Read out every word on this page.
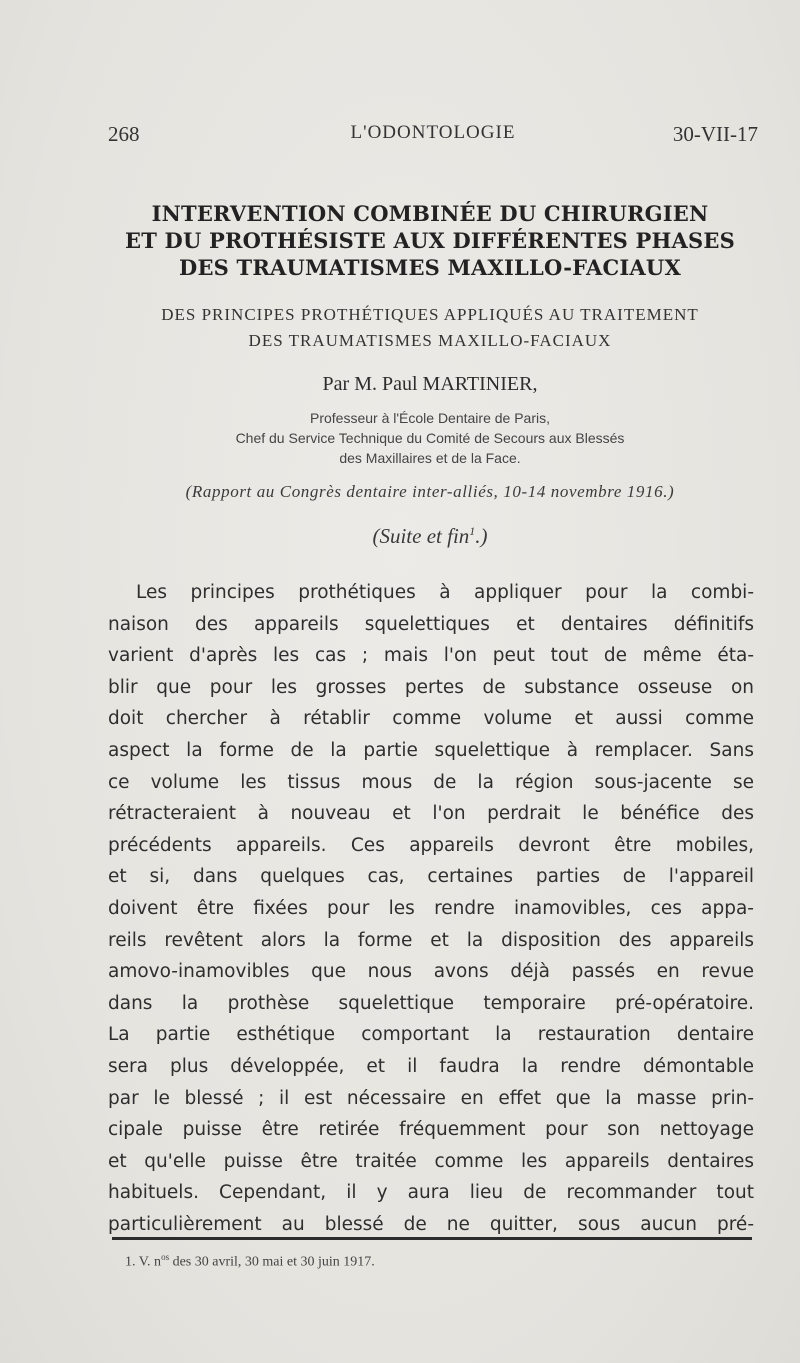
268	L'ODONTOLOGIE	30-VII-17
INTERVENTION COMBINÉE DU CHIRURGIEN
ET DU PROTHÉSISTE AUX DIFFÉRENTES PHASES
DES TRAUMATISMES MAXILLO-FACIAUX
DES PRINCIPES PROTHÉTIQUES APPLIQUÉS AU TRAITEMENT
DES TRAUMATISMES MAXILLO-FACIAUX
Par M. Paul MARTINIER,
Professeur à l'École Dentaire de Paris,
Chef du Service Technique du Comité de Secours aux Blessés
des Maxillaires et de la Face.
(Rapport au Congrès dentaire inter-alliés, 10-14 novembre 1916.)
(Suite et fin$^1$.)
Les principes prothétiques à appliquer pour la combi-
naison des appareils squelettiques et dentaires définitifs
varient d'après les cas ; mais l'on peut tout de même éta-
blir que pour les grosses pertes de substance osseuse on
doit chercher à rétablir comme volume et aussi comme
aspect la forme de la partie squelettique à remplacer. Sans
ce volume les tissus mous de la région sous-jacente se
rétracteraient à nouveau et l'on perdrait le bénéfice des
précédents appareils. Ces appareils devront être mobiles,
et si, dans quelques cas, certaines parties de l'appareil
doivent être fixées pour les rendre inamovibles, ces appa-
reils revêtent alors la forme et la disposition des appareils
amovo-inamovibles que nous avons déjà passés en revue
dans la prothèse squelettique temporaire pré-opératoire.
La partie esthétique comportant la restauration dentaire
sera plus développée, et il faudra la rendre démontable
par le blessé ; il est nécessaire en effet que la masse prin-
cipale puisse être retirée fréquemment pour son nettoyage
et qu'elle puisse être traitée comme les appareils dentaires
habituels. Cependant, il y aura lieu de recommander tout
particulièrement au blessé de ne quitter, sous aucun pré-
1. V. $n^{os}$ des 30 avril, 30 mai et 30 juin 1917.
